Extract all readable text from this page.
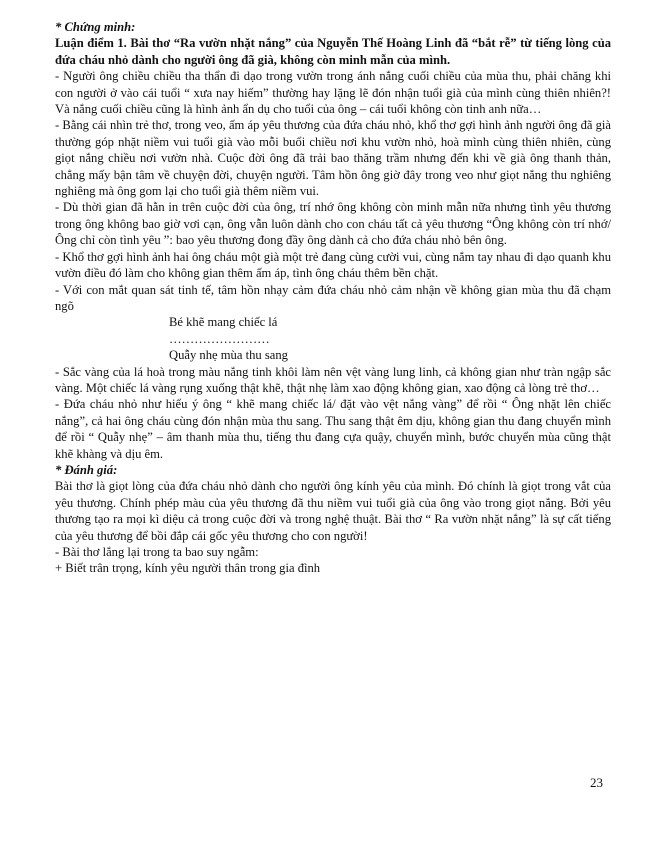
* Chứng minh:

Luận điểm 1. Bài thơ “Ra vườn nhặt nắng” của Nguyễn Thế Hoàng Linh đã “bắt rễ” từ tiếng lòng của đứa cháu nhỏ dành cho người ông đã già, không còn minh mẫn của mình.

- Người ông chiều chiều tha thẩn đi dạo trong vườn trong ánh nắng cuối chiều của mùa thu, phải chăng khi con người ở vào cái tuổi “ xưa nay hiếm” thường hay lặng lẽ đón nhận tuổi già của mình cùng thiên nhiên?! Và nắng cuối chiều cũng là hình ảnh ẩn dụ cho tuổi của ông – cái tuổi không còn tinh anh nữa…

- Bằng cái nhìn trẻ thơ, trong veo, ấm áp yêu thương của đứa cháu nhỏ, khổ thơ gợi hình ảnh người ông đã già thường góp nhặt niềm vui tuổi già vào mỗi buổi chiều nơi khu vườn nhỏ, hoà mình cùng thiên nhiên, cùng giọt nắng chiều nơi vườn nhà. Cuộc đời ông đã trải bao thăng trầm nhưng đến khi về già ông thanh thản, chẳng mấy bận tâm về chuyện đời, chuyện người. Tâm hồn ông giờ đây trong veo như giọt nắng thu nghiêng nghiêng mà ông gom lại cho tuổi già thêm niềm vui.

- Dù thời gian đã hằn in trên cuộc đời của ông, trí nhớ ông không còn minh mẫn nữa nhưng tình yêu thương trong ông không bao giờ vơi cạn, ông vẫn luôn dành cho con cháu tất cả yêu thương “Ông không còn trí nhớ/ Ông chỉ còn tình yêu ”: bao yêu thương đong đầy ông dành cả cho đứa cháu nhỏ bên ông.

- Khổ thơ gợi hình ảnh hai ông cháu một già một trẻ đang cùng cười vui, cùng nắm tay nhau đi dạo quanh khu vườn điều đó làm cho không gian thêm ấm áp, tình ông cháu thêm bền chặt.

- Với con mắt quan sát tinh tế, tâm hồn nhạy cảm đứa cháu nhỏ cảm nhận về không gian mùa thu đã chạm ngõ

Bé khẽ mang chiếc lá

……………………

Quẫy nhẹ mùa thu sang

- Sắc vàng của lá hoà trong màu nắng tinh khôi làm nên vệt vàng lung linh, cả không gian như tràn ngập sắc vàng. Một chiếc lá vàng rụng xuống thật khẽ, thật nhẹ làm xao động không gian, xao động cả lòng trẻ thơ…

- Đứa cháu nhỏ như hiểu ý ông “ khẽ mang chiếc lá/ đặt vào vệt nắng vàng” để rồi “ Ông nhặt lên chiếc nắng”, cả hai ông cháu cùng đón nhận mùa thu sang. Thu sang thật êm dịu, không gian thu đang chuyển mình để rồi “ Quẫy nhẹ” – âm thanh mùa thu, tiếng thu đang cựa quậy, chuyển mình, bước chuyển mùa cũng thật khẽ khàng và dịu êm.

* Đánh giá:

Bài thơ là giọt lòng của đứa cháu nhỏ dành cho người ông kính yêu của mình. Đó chính là giọt trong vắt của yêu thương. Chính phép màu của yêu thương đã thu niềm vui tuổi già của ông vào trong giọt nắng. Bởi yêu thương tạo ra mọi kì diệu cả trong cuộc đời và trong nghệ thuật. Bài thơ “ Ra vườn nhặt nắng” là sự cất tiếng của yêu thương để bồi đắp cái gốc yêu thương cho con người!

- Bài thơ lắng lại trong ta bao suy ngẫm:

+ Biết trân trọng, kính yêu người thân trong gia đình

23
